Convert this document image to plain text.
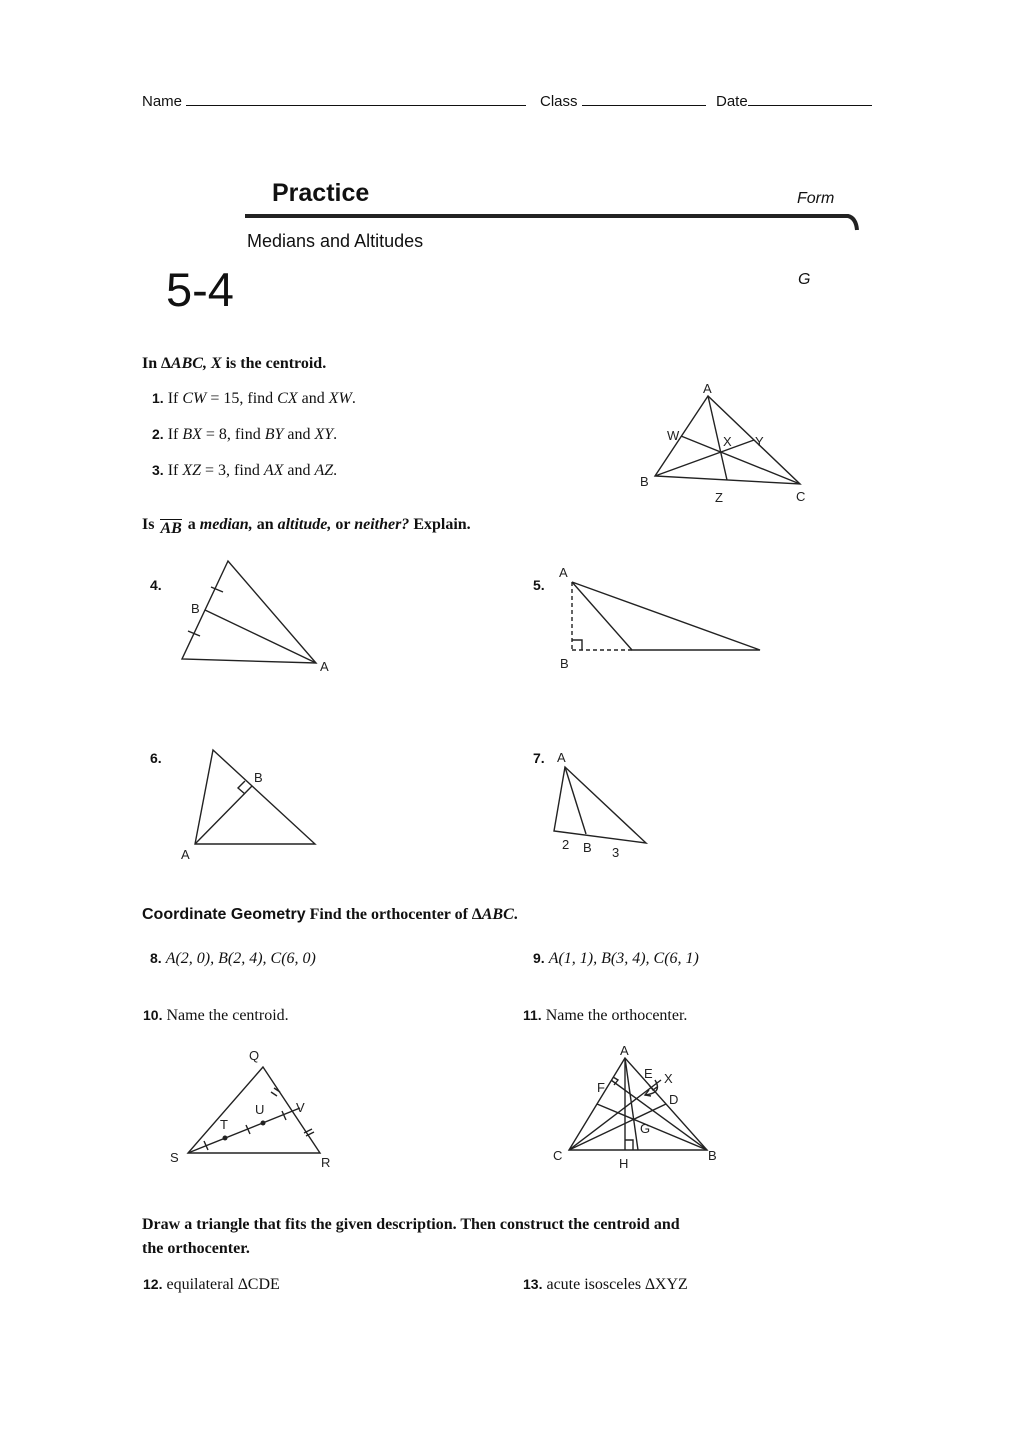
Name	Class	Date
Practice	Form
Medians and Altitudes
5-4	G
In ∆ABC, X is the centroid.
1. If CW = 15, find CX and XW.
2. If BX = 8, find BY and XY.
3. If XZ = 3, find AX and AZ.
A
B
C
W	X Y
Z
Is AB a median, an altitude, or neither? Explain.
4.
B
A
5.
A
B
6.
B
A
7. A
2 B 3
Coordinate Geometry Find the orthocenter of ∆ABC.
8. A(2, 0), B(2, 4), C(6, 0)	9. A(1, 1), B(3, 4), C(6, 1)
10. Name the centroid.	11. Name the orthocenter.
Q
U V
T
S	R
A
E X
F
D
G
C
H
B
Draw a triangle that fits the given description. Then construct the centroid and
the orthocenter.
12. equilateral ∆CDE	13. acute isosceles ∆XYZ
